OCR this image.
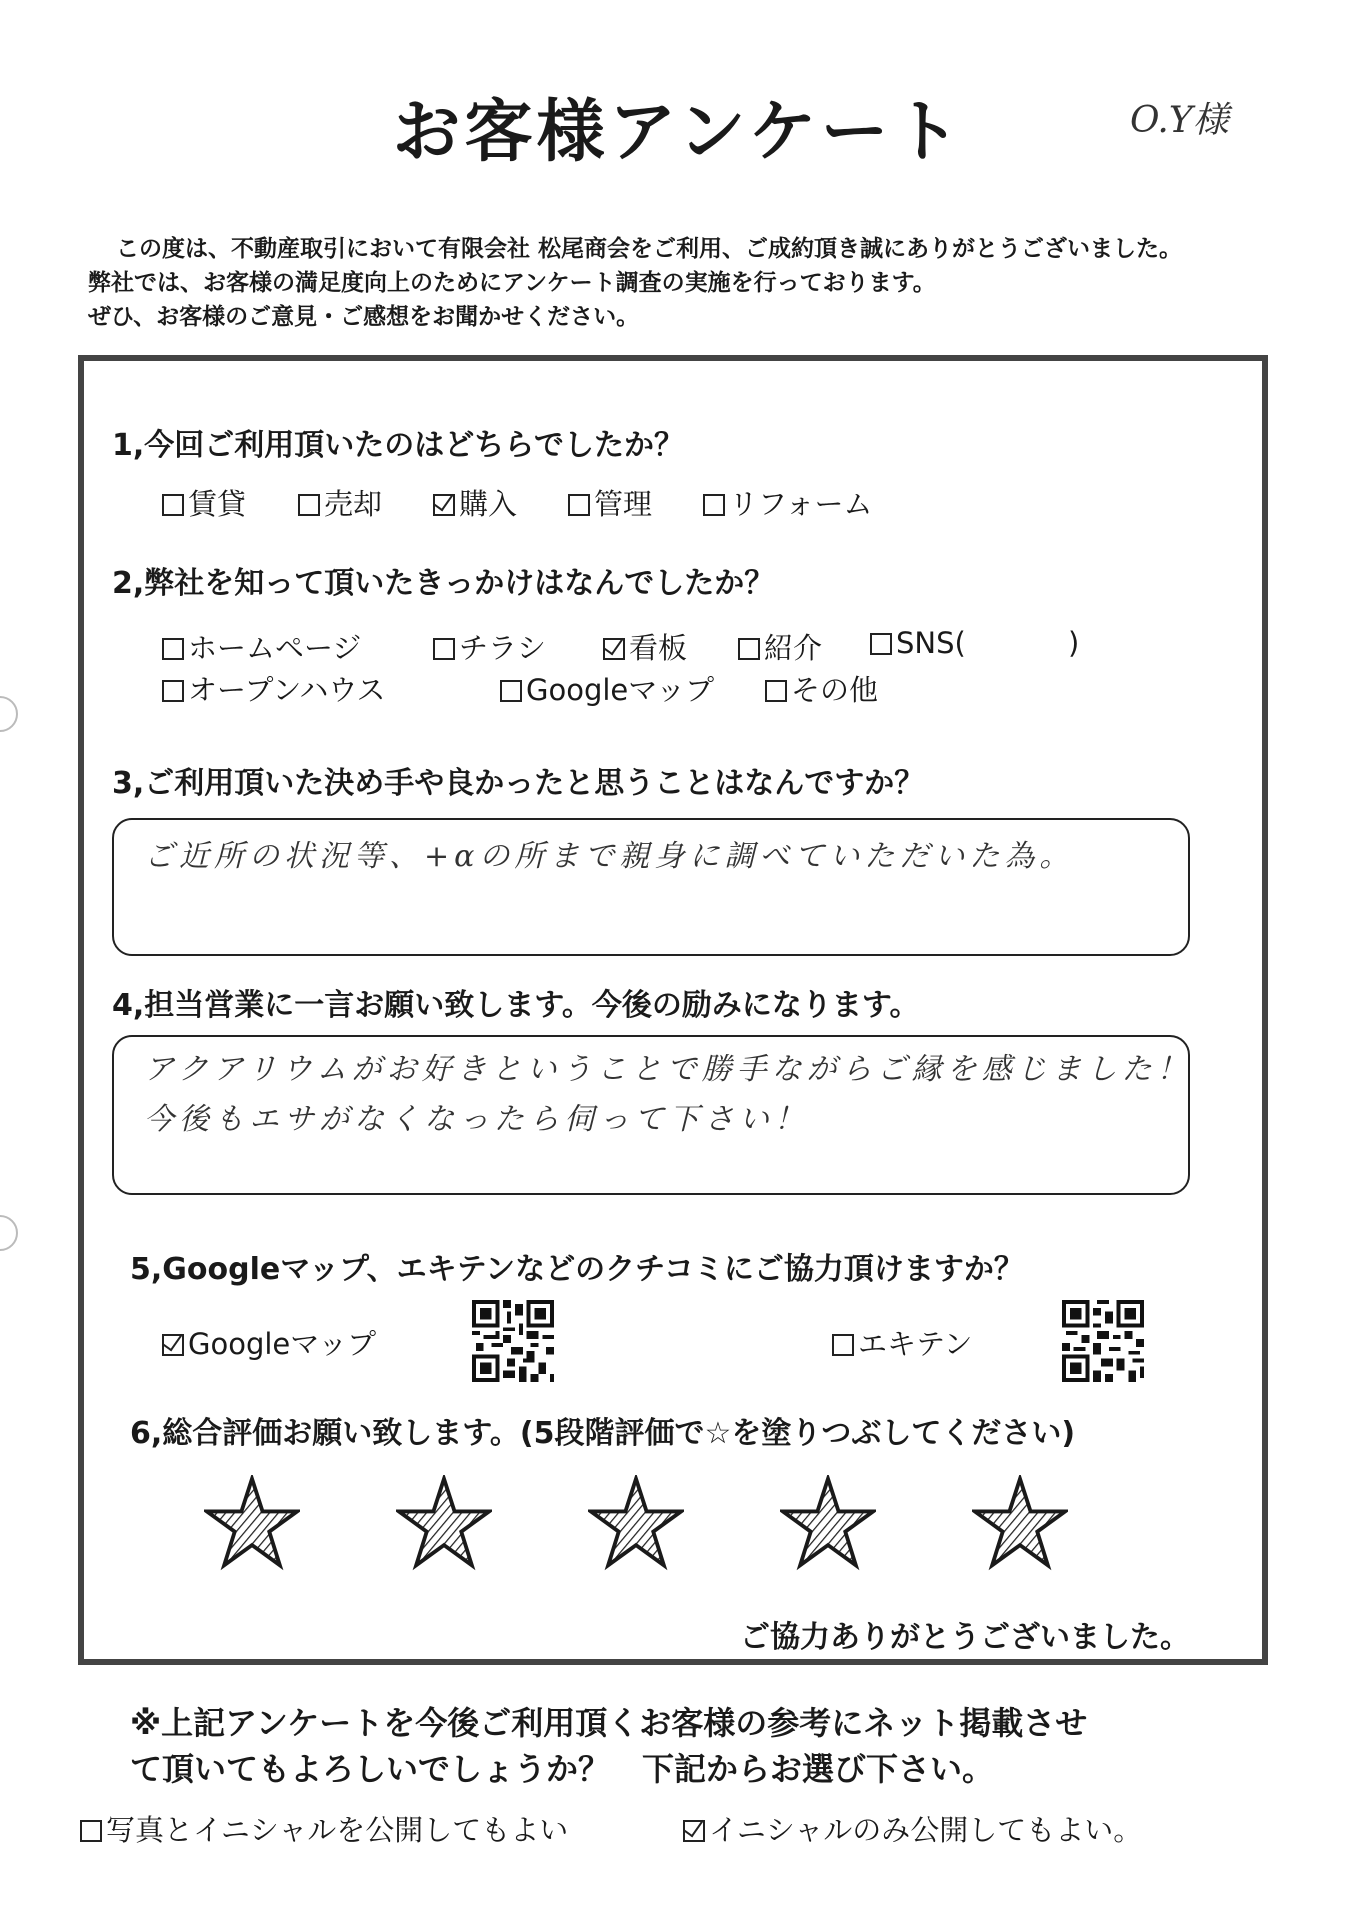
お客様アンケート	O.Y様
この度は、不動産取引において有限会社 松尾商会をご利用、ご成約頂き誠にありがとうございました。
弊社では、お客様の満足度向上のためにアンケート調査の実施を行っております。
ぜひ、お客様のご意見・ご感想をお聞かせください。
1,今回ご利用頂いたのはどちらでしたか？
賃貸	売却	購入	管理	リフォーム
2,弊社を知って頂いたきっかけはなんでしたか？
ホームページ	チラシ	看板	紹介	SNS(	)
オープンハウス	Googleマップ	その他
3,ご利用頂いた決め手や良かったと思うことはなんですか？
ご近所の状況等、+αの所まで親身に調べていただいた為。
4,担当営業に一言お願い致します。今後の励みになります。
アクアリウムがお好きということで勝手ながらご縁を感じました！
今後もエサがなくなったら伺って下さい！
5,Googleマップ、エキテンなどのクチコミにご協力頂けますか？
Googleマップ	エキテン
6,総合評価お願い致します。(5段階評価で☆を塗りつぶしてください)
ご協力ありがとうございました。
※上記アンケートを今後ご利用頂くお客様の参考にネット掲載させ
て頂いてもよろしいでしょうか？　下記からお選び下さい。
写真とイニシャルを公開してもよい	イニシャルのみ公開してもよい。
